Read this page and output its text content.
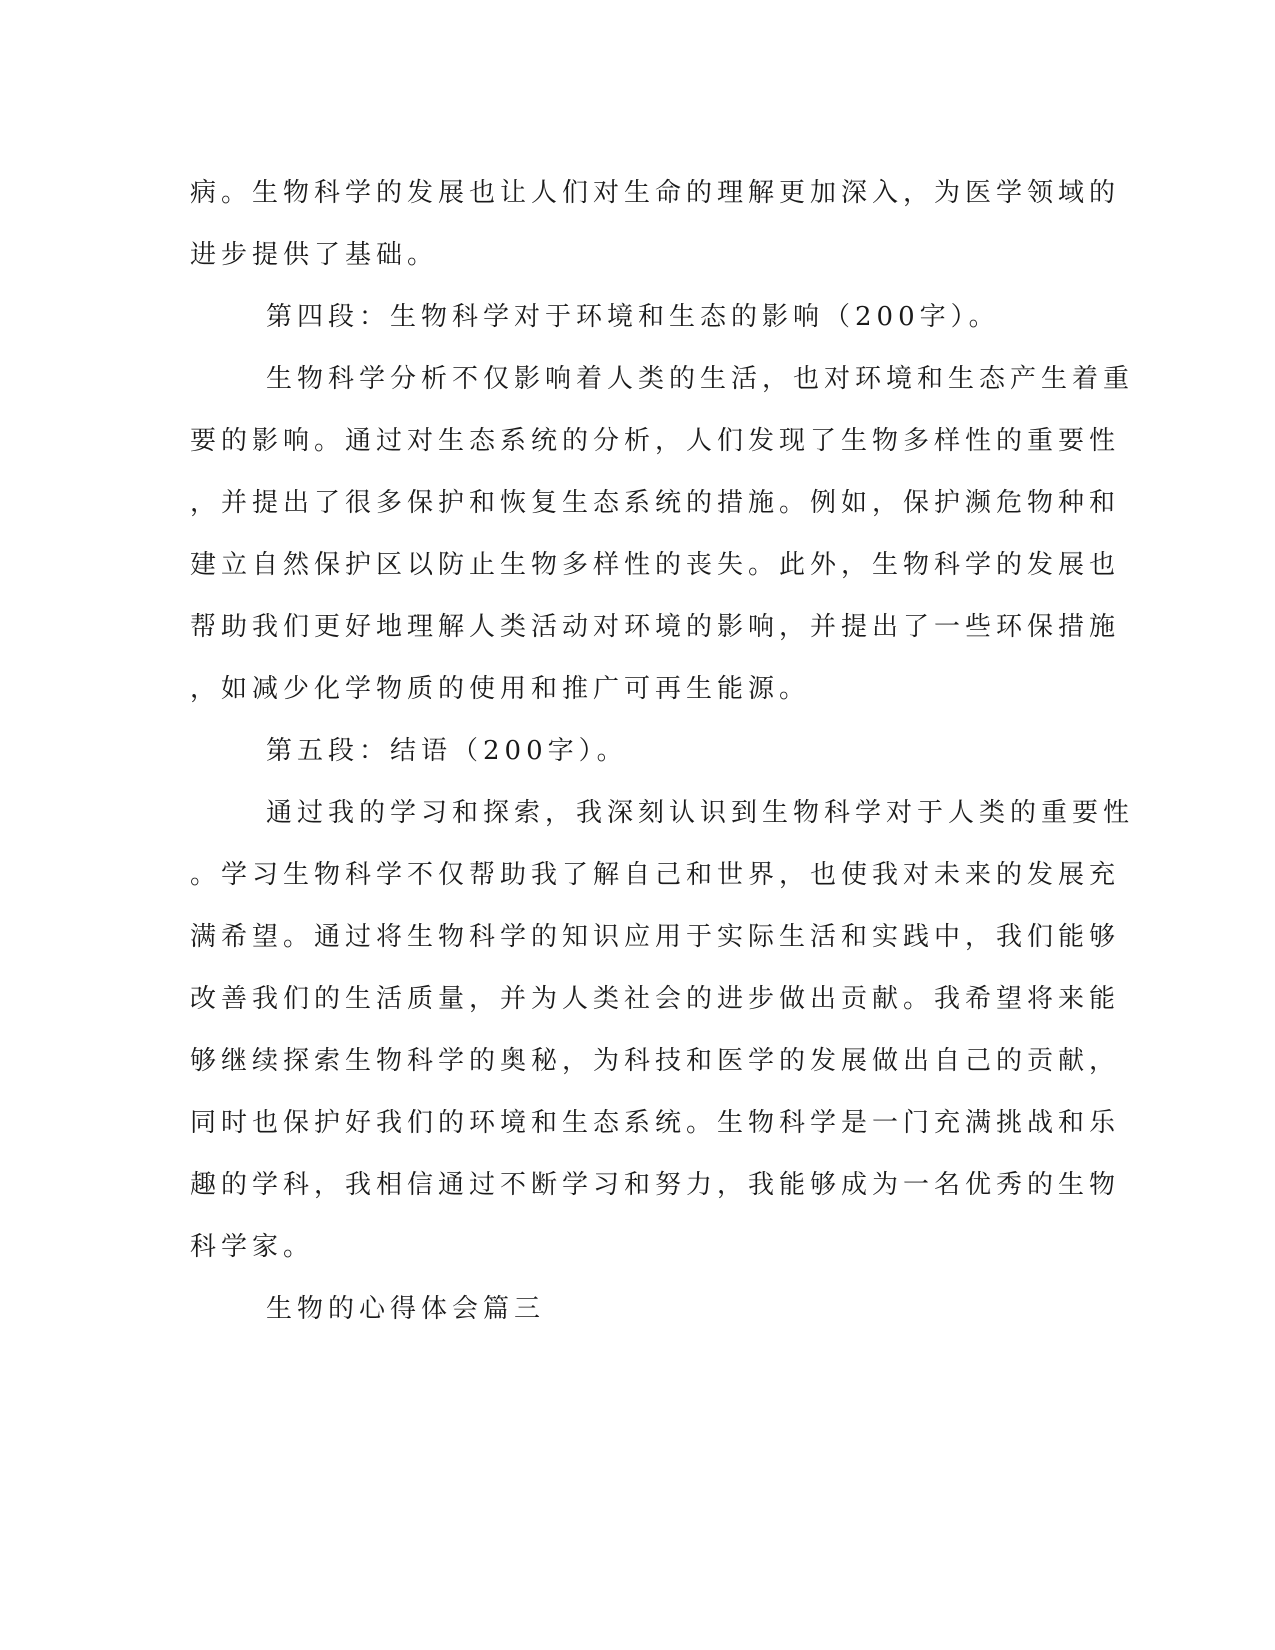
病。生物科学的发展也让人们对生命的理解更加深入，为医学领域的
进步提供了基础。
第四段：生物科学对于环境和生态的影响（200字）。
生物科学分析不仅影响着人类的生活，也对环境和生态产生着重
要的影响。通过对生态系统的分析，人们发现了生物多样性的重要性
，并提出了很多保护和恢复生态系统的措施。例如，保护濒危物种和
建立自然保护区以防止生物多样性的丧失。此外，生物科学的发展也
帮助我们更好地理解人类活动对环境的影响，并提出了一些环保措施
，如减少化学物质的使用和推广可再生能源。
第五段：结语（200字）。
通过我的学习和探索，我深刻认识到生物科学对于人类的重要性
。学习生物科学不仅帮助我了解自己和世界，也使我对未来的发展充
满希望。通过将生物科学的知识应用于实际生活和实践中，我们能够
改善我们的生活质量，并为人类社会的进步做出贡献。我希望将来能
够继续探索生物科学的奥秘，为科技和医学的发展做出自己的贡献，
同时也保护好我们的环境和生态系统。生物科学是一门充满挑战和乐
趣的学科，我相信通过不断学习和努力，我能够成为一名优秀的生物
科学家。
生物的心得体会篇三
